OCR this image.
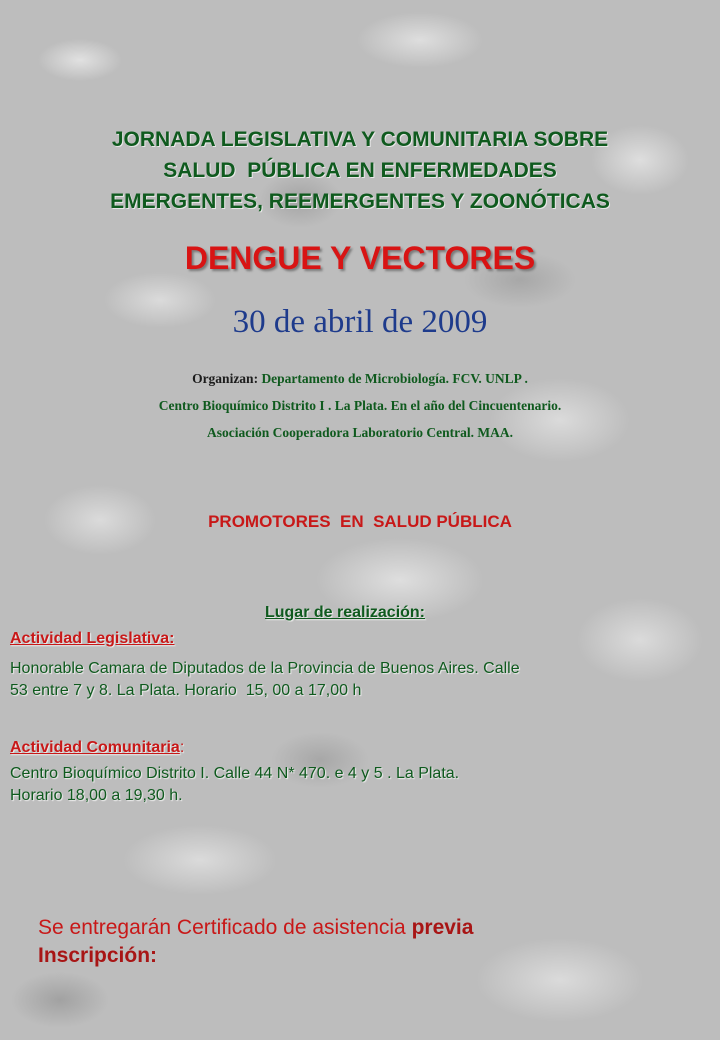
JORNADA LEGISLATIVA Y COMUNITARIA SOBRE
SALUD  PÚBLICA EN ENFERMEDADES
EMERGENTES, REEMERGENTES Y ZOONÓTICAS
DENGUE Y VECTORES
30 de abril de 2009
Organizan: Departamento de Microbiología. FCV. UNLP .
Centro Bioquímico Distrito I . La Plata. En el año del Cincuentenario.
Asociación Cooperadora Laboratorio Central. MAA.
PROMOTORES  EN  SALUD PÚBLICA
Lugar de realización:
Actividad Legislativa:
Honorable Camara de Diputados de la Provincia de Buenos Aires. Calle
53 entre 7 y 8. La Plata. Horario  15, 00 a 17,00 h
Actividad Comunitaria:
Centro Bioquímico Distrito I. Calle 44 N* 470. e 4 y 5 . La Plata.
Horario 18,00 a 19,30 h.
Se entregarán Certificado de asistencia previa
Inscripción:
